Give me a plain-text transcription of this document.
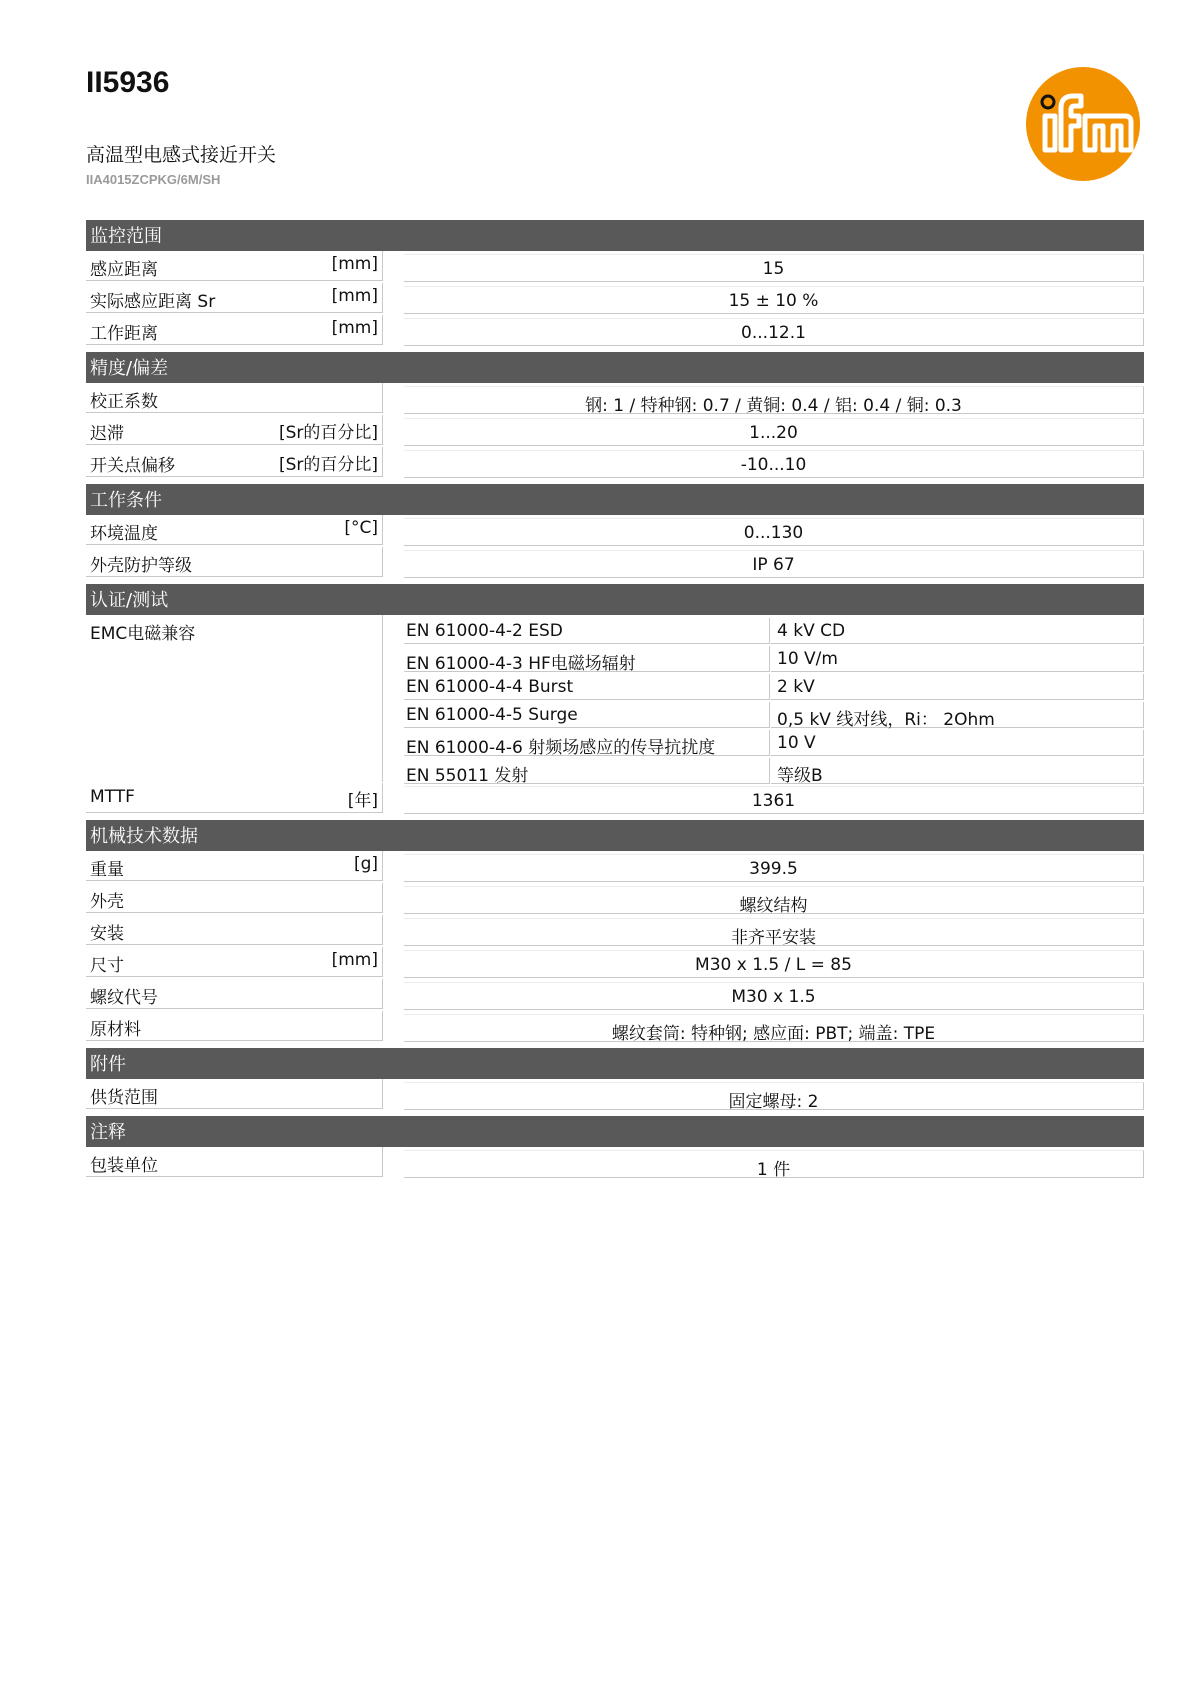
II5936
高温型电感式接近开关
IIA4015ZCPKG/6M/SH
监控范围
感应距离	[mm]	15
实际感应距离 Sr	[mm]	15 ± 10 %
工作距离	[mm]	0...12.1
精度/偏差
校正系数	钢: 1 / 特种钢: 0.7 / 黄铜: 0.4 / 铝: 0.4 / 铜: 0.3
迟滞	[Sr的百分比]	1...20
开关点偏移	[Sr的百分比]	-10...10
工作条件
环境温度	[°C]	0...130
外壳防护等级	IP 67
认证/测试
EMC电磁兼容	EN 61000-4-2 ESD	4 kV CD
EN 61000-4-3 HF电磁场辐射	10 V/m
EN 61000-4-4 Burst	2 kV
EN 61000-4-5 Surge	0,5 kV 线对线，Ri： 2Ohm
EN 61000-4-6 射频场感应的传导抗扰度	10 V
EN 55011 发射	等级B
MTTF	[年]	1361
机械技术数据
重量	[g]	399.5
外壳	螺纹结构
安装	非齐平安装
尺寸	[mm]	M30 x 1.5 / L = 85
螺纹代号	M30 x 1.5
原材料	螺纹套筒: 特种钢; 感应面: PBT; 端盖: TPE
附件
供货范围	固定螺母: 2
注释
包装单位	1 件
